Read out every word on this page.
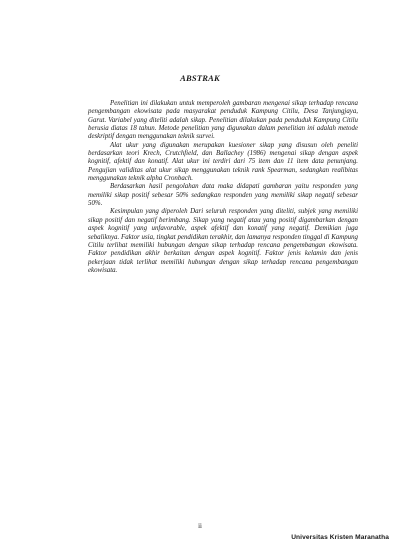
ABSTRAK

Penelitian ini dilakukan untuk memperoleh gambaran mengenai sikap terhadap rencana pengembangan ekowisata pada masyarakat penduduk Kampung Citilu, Desa Tanjungjaya, Garut. Variabel yang diteliti adalah sikap. Penelitian dilakukan pada penduduk Kampung Citilu berusia diatas 18 tahun. Metode penelitian yang digunakan dalam penelitian ini adalah metode deskriptif dengan menggunakan teknik survei.

Alat ukur yang digunakan merupakan kuesioner sikap yang disusun oleh peneliti berdasarkan teori Krech, Crutchfield, dan Ballachey (1986) mengenai sikap dengan aspek kognitif, afektif dan konatif. Alat ukur ini terdiri dari 75 item dan 11 item data penunjang. Pengujian validitas alat ukur sikap menggunakan teknik rank Spearman, sedangkan realibitas menggunakan teknik alpha Cronbach.

Berdasarkan hasil pengolahan data maka didapati gambaran yaitu responden yang memiliki sikap positif sebesar 50% sedangkan responden yang memiliki sikap negatif sebesar 50%.

Kesimpulan yang diperoleh Dari seluruh responden yang diteliti, subjek yang memiliki sikap positif dan negatif berimbang. Sikap yang negatif atau yang positif digambarkan dengan aspek kognitif yang unfavorable, aspek afektif dan konatif yang negatif. Demikian juga sebaliknya. Faktor usia, tingkat pendidikan terakhir, dan lamanya responden tinggal di Kampung Citilu terlihat memiliki hubungan dengan sikap terhadap rencana pengembangan ekowisata. Faktor pendidikan akhir berkaitan dengan aspek kognitif. Faktor jenis kelamin dan jenis pekerjaan tidak terlihat memiliki hubungan dengan sikap terhadap rencana pengembangan ekowisata.

ii
Universitas Kristen Maranatha
